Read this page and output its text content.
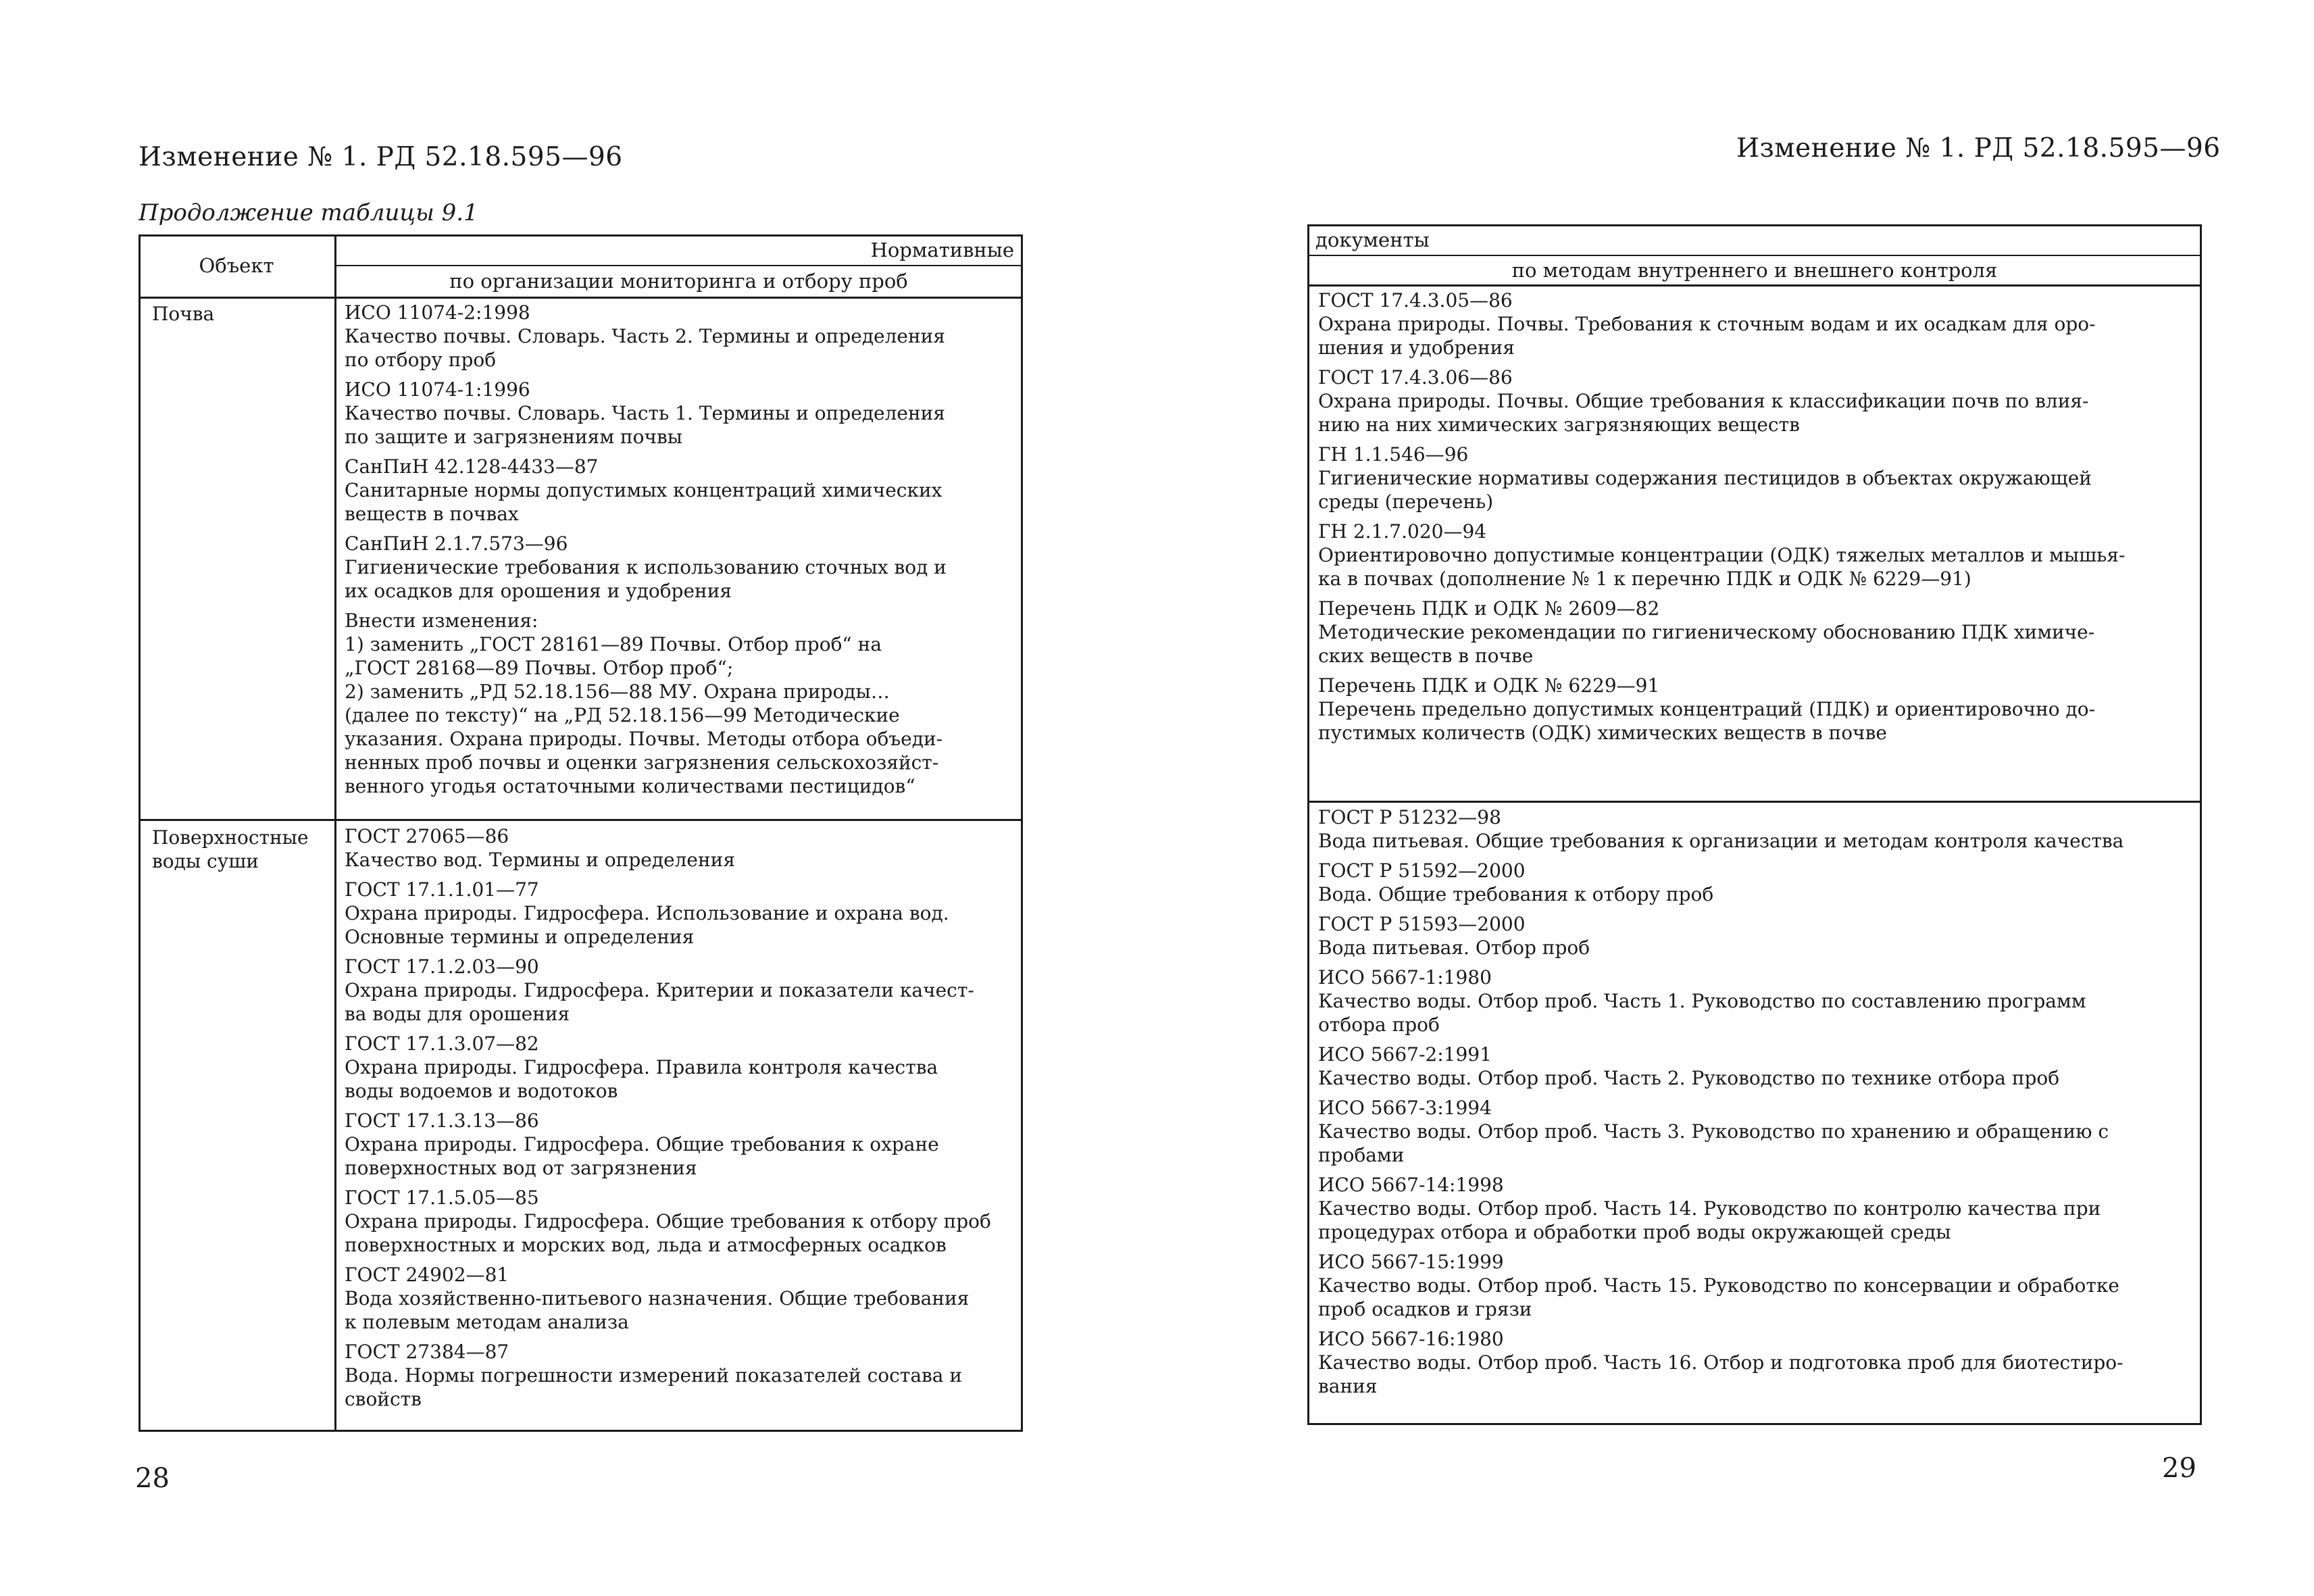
Изменение № 1. РД 52.18.595—96
Продолжение таблицы 9.1
Объект
Нормативные
по организации мониторинга и отбору проб
Почва	ИСО 11074-2:1998
Качество почвы. Словарь. Часть 2. Термины и определения
по отбору проб
ИСО 11074-1:1996
Качество почвы. Словарь. Часть 1. Термины и определения
по защите и загрязнениям почвы
СанПиН 42.128-4433—87
Санитарные нормы допустимых концентраций химических
веществ в почвах
СанПиН 2.1.7.573—96
Гигиенические требования к использованию сточных вод и
их осадков для орошения и удобрения
Внести изменения:
1) заменить „ГОСТ 28161—89 Почвы. Отбор проб“ на
„ГОСТ 28168—89 Почвы. Отбор проб“;
2) заменить „РД 52.18.156—88 МУ. Охрана природы…
(далее по тексту)“ на „РД 52.18.156—99 Методические
указания. Охрана природы. Почвы. Методы отбора объеди-
ненных проб почвы и оценки загрязнения сельскохозяйст-
венного угодья остаточными количествами пестицидов“
Поверхностные
воды суши
ГОСТ 27065—86
Качество вод. Термины и определения
ГОСТ 17.1.1.01—77
Охрана природы. Гидросфера. Использование и охрана вод.
Основные термины и определения
ГОСТ 17.1.2.03—90
Охрана природы. Гидросфера. Критерии и показатели качест-
ва воды для орошения
ГОСТ 17.1.3.07—82
Охрана природы. Гидросфера. Правила контроля качества
воды водоемов и водотоков
ГОСТ 17.1.3.13—86
Охрана природы. Гидросфера. Общие требования к охране
поверхностных вод от загрязнения
ГОСТ 17.1.5.05—85
Охрана природы. Гидросфера. Общие требования к отбору проб
поверхностных и морских вод, льда и атмосферных осадков
ГОСТ 24902—81
Вода хозяйственно-питьевого назначения. Общие требования
к полевым методам анализа
ГОСТ 27384—87
Вода. Нормы погрешности измерений показателей состава и
свойств
28
Изменение № 1. РД 52.18.595—96
документы
по методам внутреннего и внешнего контроля
ГОСТ 17.4.3.05—86
Охрана природы. Почвы. Требования к сточным водам и их осадкам для оро-
шения и удобрения
ГОСТ 17.4.3.06—86
Охрана природы. Почвы. Общие требования к классификации почв по влия-
нию на них химических загрязняющих веществ
ГН 1.1.546—96
Гигиенические нормативы содержания пестицидов в объектах окружающей
среды (перечень)
ГН 2.1.7.020—94
Ориентировочно допустимые концентрации (ОДК) тяжелых металлов и мышья-
ка в почвах (дополнение № 1 к перечню ПДК и ОДК № 6229—91)
Перечень ПДК и ОДК № 2609—82
Методические рекомендации по гигиеническому обоснованию ПДК химиче-
ских веществ в почве
Перечень ПДК и ОДК № 6229—91
Перечень предельно допустимых концентраций (ПДК) и ориентировочно до-
пустимых количеств (ОДК) химических веществ в почве
ГОСТ Р 51232—98
Вода питьевая. Общие требования к организации и методам контроля качества
ГОСТ Р 51592—2000
Вода. Общие требования к отбору проб
ГОСТ Р 51593—2000
Вода питьевая. Отбор проб
ИСО 5667-1:1980
Качество воды. Отбор проб. Часть 1. Руководство по составлению программ
отбора проб
ИСО 5667-2:1991
Качество воды. Отбор проб. Часть 2. Руководство по технике отбора проб
ИСО 5667-3:1994
Качество воды. Отбор проб. Часть 3. Руководство по хранению и обращению с
пробами
ИСО 5667-14:1998
Качество воды. Отбор проб. Часть 14. Руководство по контролю качества при
процедурах отбора и обработки проб воды окружающей среды
ИСО 5667-15:1999
Качество воды. Отбор проб. Часть 15. Руководство по консервации и обработке
проб осадков и грязи
ИСО 5667-16:1980
Качество воды. Отбор проб. Часть 16. Отбор и подготовка проб для биотестиро-
вания
29
